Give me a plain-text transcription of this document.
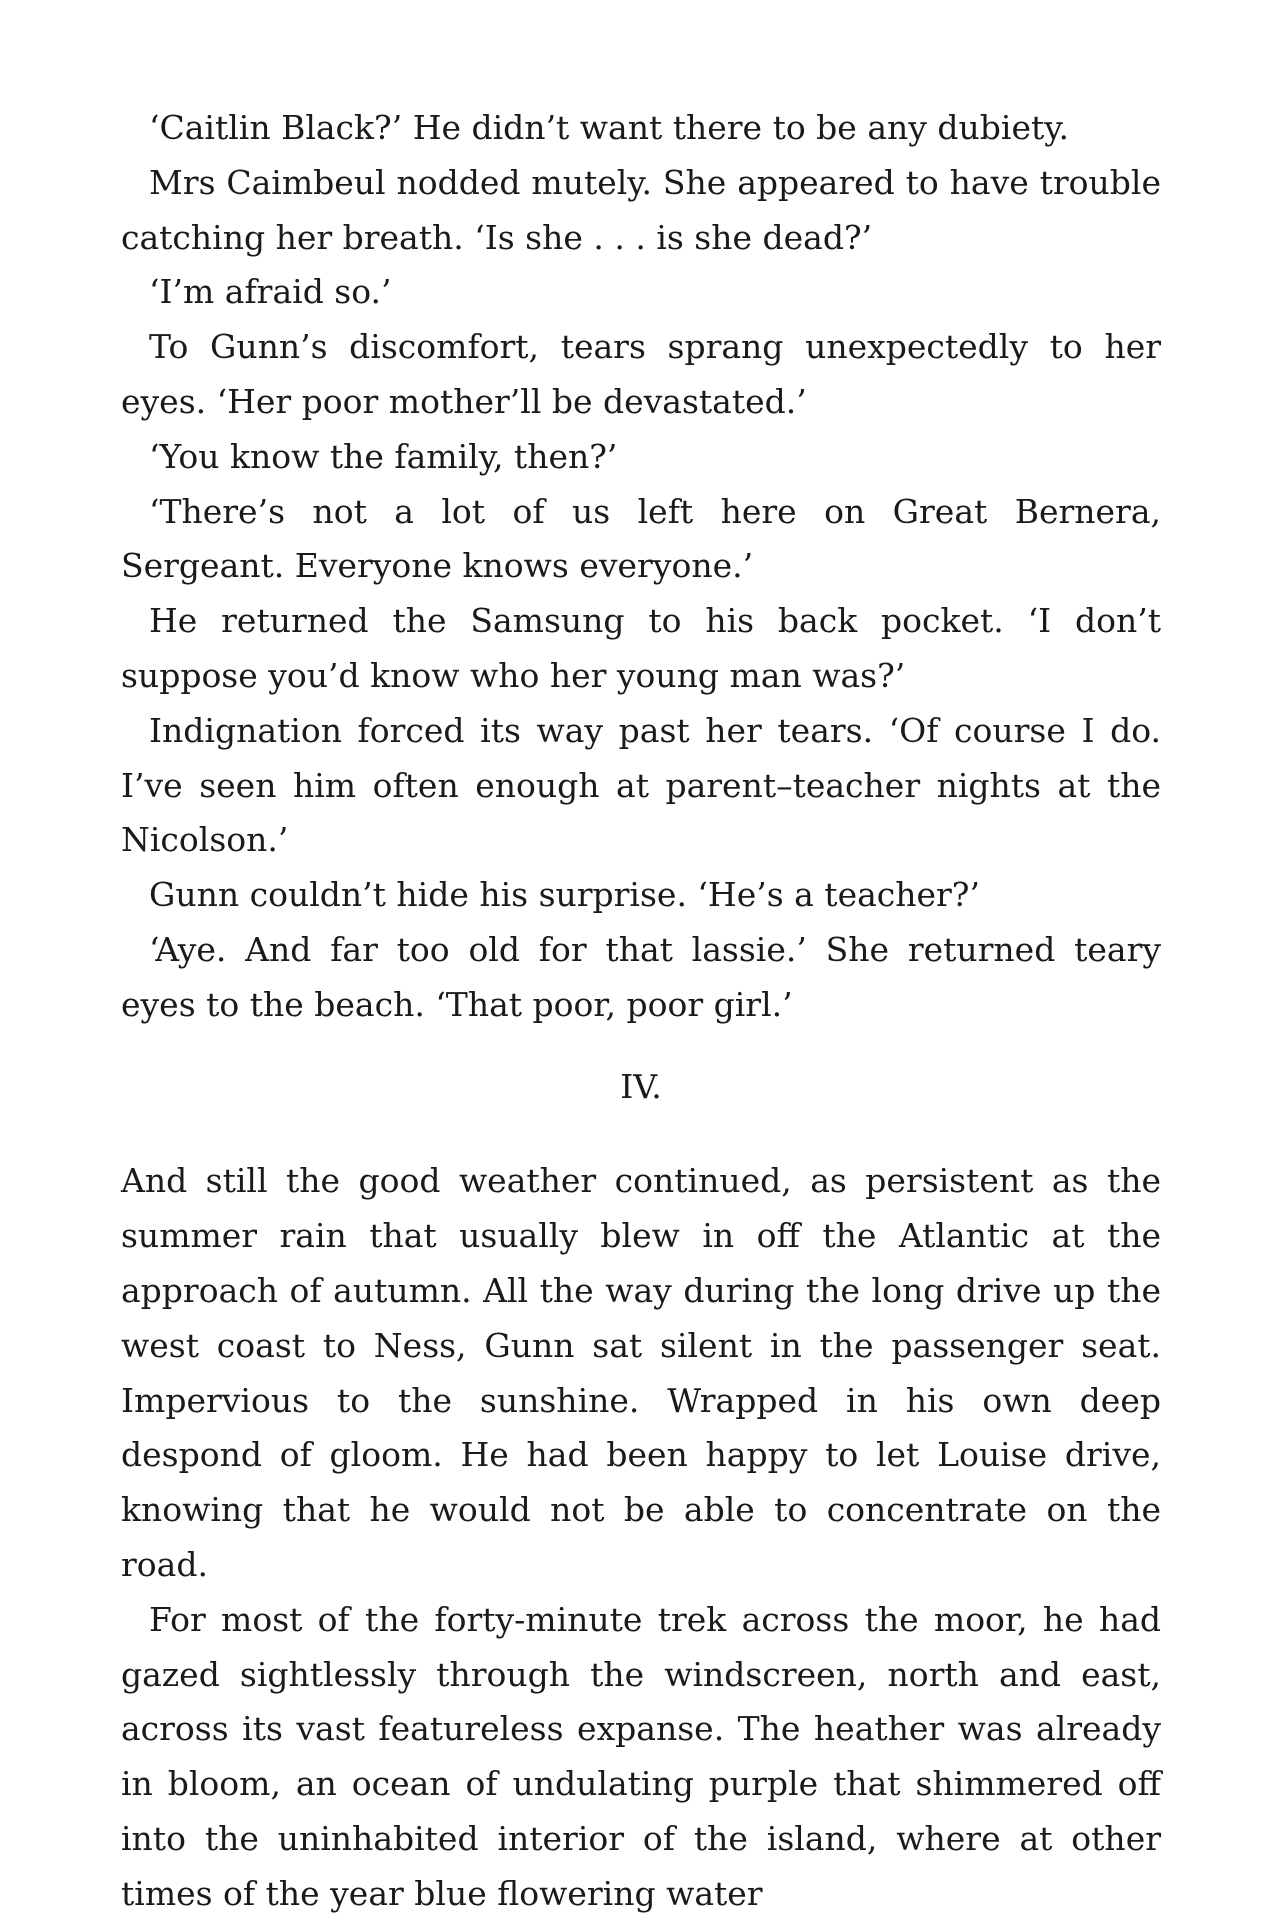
‘Caitlin Black?’ He didn’t want there to be any dubiety.

Mrs Caimbeul nodded mutely. She appeared to have trouble catching her breath. ‘Is she . . . is she dead?’

‘I’m afraid so.’

To Gunn’s discomfort, tears sprang unexpectedly to her eyes. ‘Her poor mother’ll be devastated.’

‘You know the family, then?’

‘There’s not a lot of us left here on Great Bernera, Sergeant. Everyone knows everyone.’

He returned the Samsung to his back pocket. ‘I don’t suppose you’d know who her young man was?’

Indignation forced its way past her tears. ‘Of course I do. I’ve seen him often enough at parent–teacher nights at the Nicolson.’

Gunn couldn’t hide his surprise. ‘He’s a teacher?’

‘Aye. And far too old for that lassie.’ She returned teary eyes to the beach. ‘That poor, poor girl.’

IV.

And still the good weather continued, as persistent as the summer rain that usually blew in off the Atlantic at the approach of autumn. All the way during the long drive up the west coast to Ness, Gunn sat silent in the passenger seat. Impervious to the sunshine. Wrapped in his own deep despond of gloom. He had been happy to let Louise drive, knowing that he would not be able to concentrate on the road.

For most of the forty-minute trek across the moor, he had gazed sightlessly through the windscreen, north and east, across its vast featureless expanse. The heather was already in bloom, an ocean of undulating purple that shimmered off into the uninhabited interior of the island, where at other times of the year blue flowering water
